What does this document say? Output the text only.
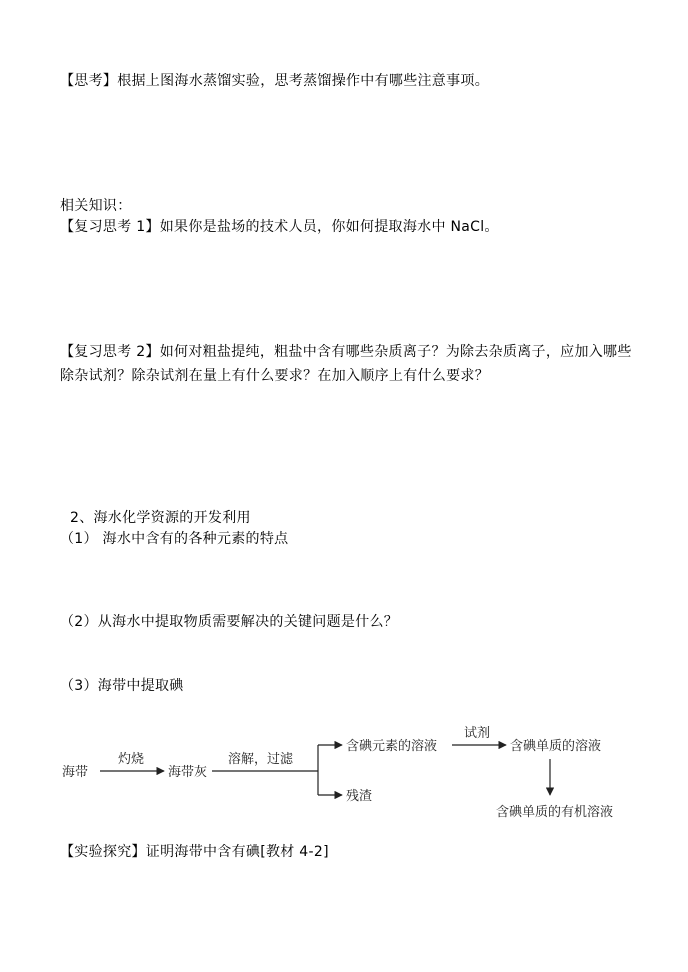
【思考】根据上图海水蒸馏实验，思考蒸馏操作中有哪些注意事项。
相关知识：
【复习思考 1】如果你是盐场的技术人员，你如何提取海水中 NaCl。
【复习思考 2】如何对粗盐提纯，粗盐中含有哪些杂质离子？为除去杂质离子，应加入哪些除杂试剂？除杂试剂在量上有什么要求？在加入顺序上有什么要求？
2、海水化学资源的开发利用
（1） 海水中含有的各种元素的特点
（2）从海水中提取物质需要解决的关键问题是什么？
（3）海带中提取碘
海带
灼烧
海带灰
溶解，过滤
含碘元素的溶液
残渣
试剂
含碘单质的溶液
含碘单质的有机溶液
【实验探究】证明海带中含有碘[教材 4-2]
